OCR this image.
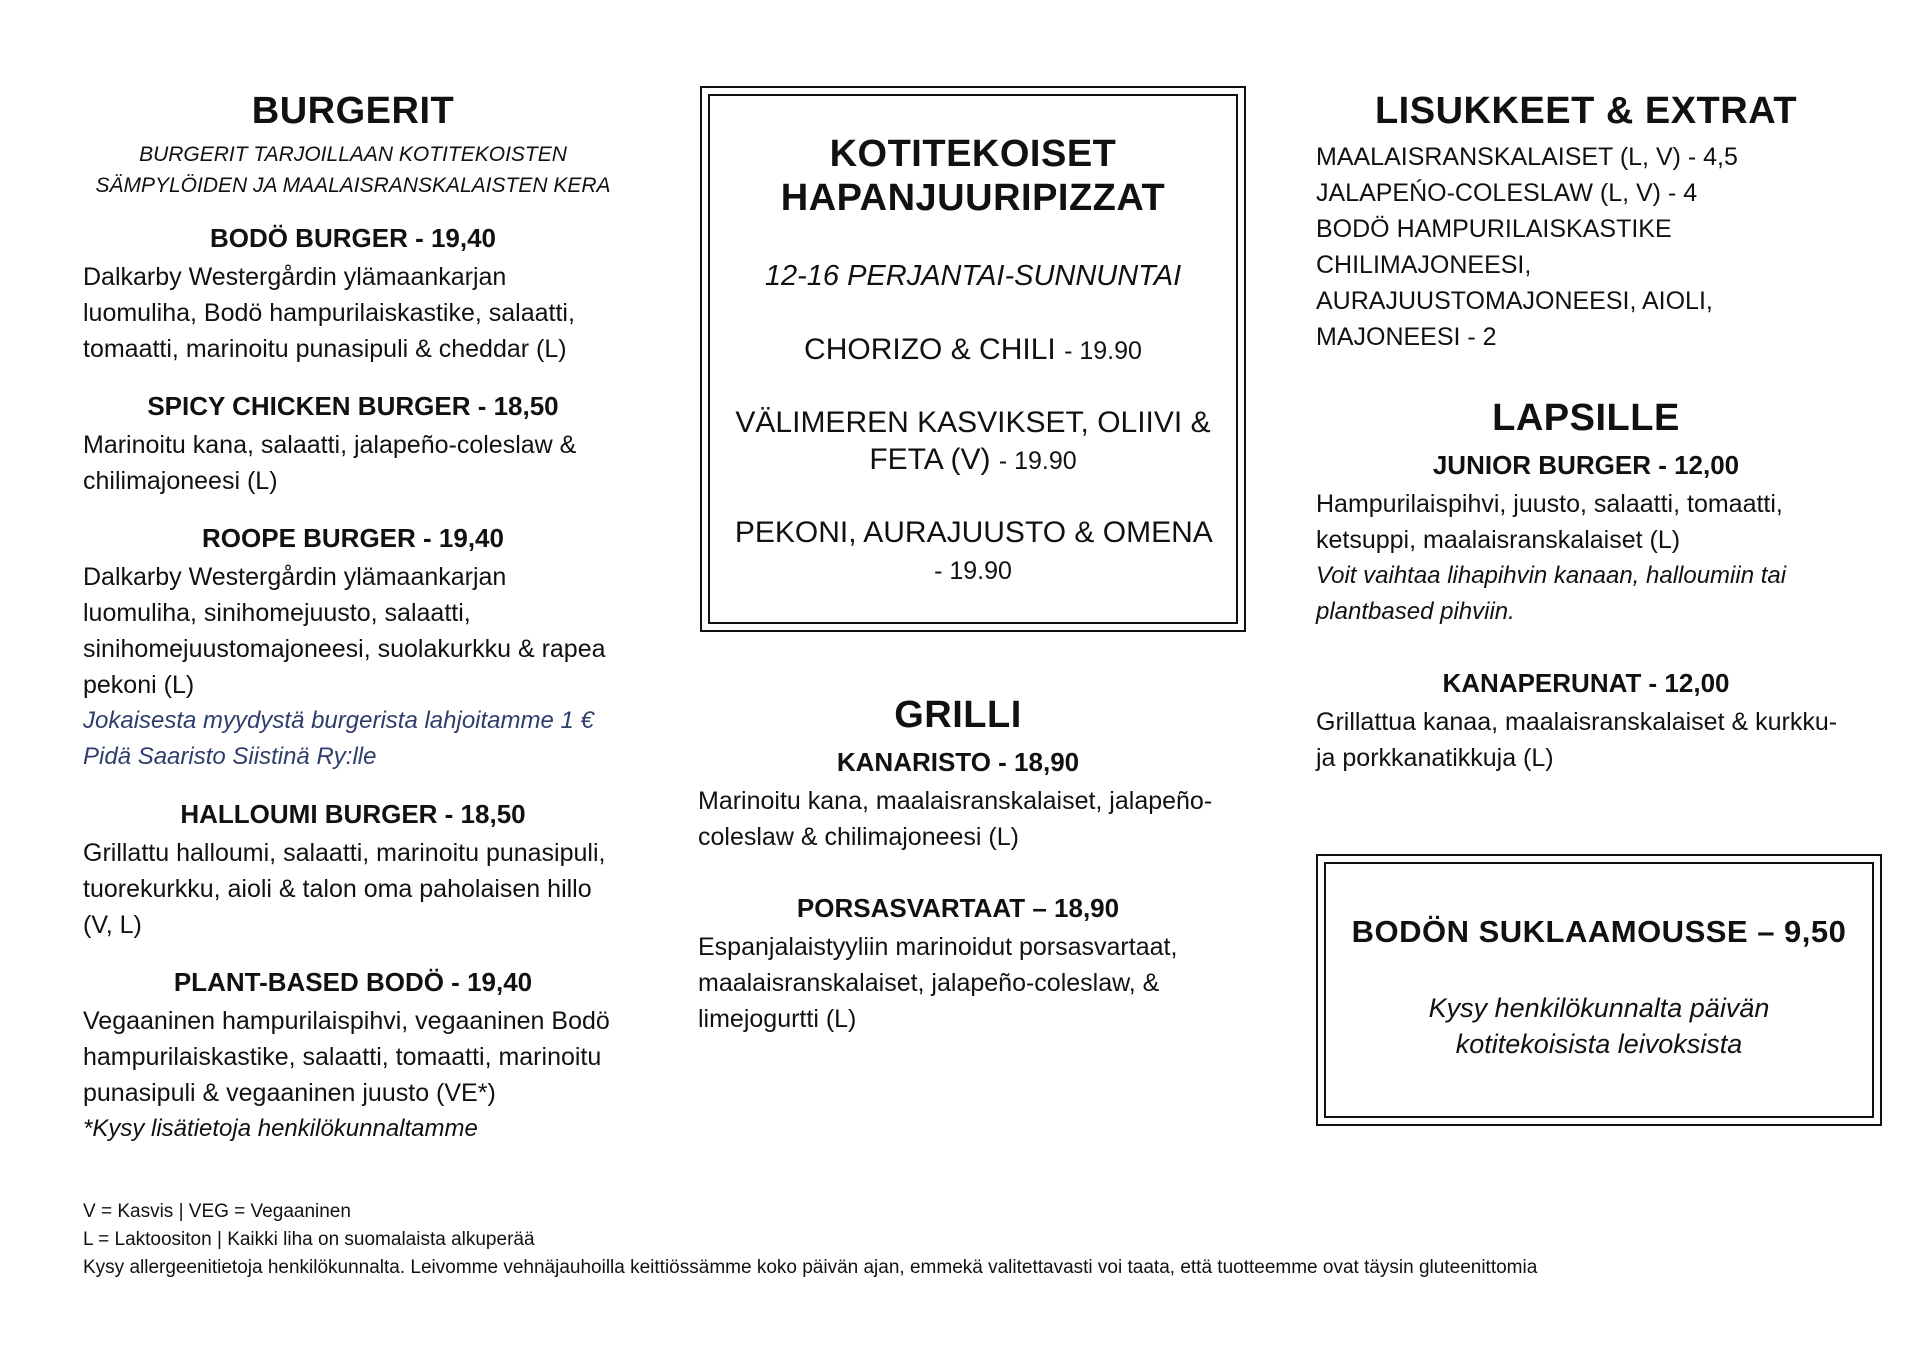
BURGERIT
BURGERIT TARJOILLAAN KOTITEKOISTEN
SÄMPYLÖIDEN JA MAALAISRANSKALAISTEN KERA
BODÖ BURGER - 19,40

Dalkarby Westergårdin ylämaankarjan luomuliha, Bodö hampurilaiskastike, salaatti, tomaatti, marinoitu punasipuli & cheddar (L)

SPICY CHICKEN BURGER - 18,50

Marinoitu kana, salaatti, jalapeño-coleslaw & chilimajoneesi (L)

ROOPE BURGER - 19,40

Dalkarby Westergårdin ylämaankarjan luomuliha, sinihomejuusto, salaatti, sinihomejuustomajoneesi, suolakurkku & rapea pekoni (L)

Jokaisesta myydystä burgerista lahjoitamme 1 € Pidä Saaristo Siistinä Ry:lle

HALLOUMI BURGER - 18,50

Grillattu halloumi, salaatti, marinoitu punasipuli, tuorekurkku, aioli & talon oma paholaisen hillo (V, L)

PLANT-BASED BODÖ - 19,40

Vegaaninen hampurilaispihvi, vegaaninen Bodö hampurilaiskastike, salaatti, tomaatti, marinoitu punasipuli & vegaaninen juusto (VE*)

*Kysy lisätietoja henkilökunnaltamme

KOTITEKOISET
HAPANJUURIPIZZAT
12-16 PERJANTAI-SUNNUNTAI
CHORIZO & CHILI - 19.90
VÄLIMEREN KASVIKSET, OLIIVI & FETA (V) - 19.90
PEKONI, AURAJUUSTO & OMENA - 19.90
GRILLI
KANARISTO - 18,90

Marinoitu kana, maalaisranskalaiset, jalapeño-coleslaw & chilimajoneesi (L)

PORSASVARTAAT – 18,90

Espanjalaistyyliin marinoidut porsasvartaat, maalaisranskalaiset, jalapeño-coleslaw, & limejogurtti (L)

LISUKKEET & EXTRAT

MAALAISRANSKALAISET (L, V) - 4,5

JALAPEŃO-COLESLAW (L, V) - 4

BODÖ HAMPURILAISKASTIKE

CHILIMAJONEESI,

AURAJUUSTOMAJONEESI, AIOLI,

MAJONEESI - 2

LAPSILLE
JUNIOR BURGER - 12,00

Hampurilaispihvi, juusto, salaatti, tomaatti, ketsuppi, maalaisranskalaiset (L)

Voit vaihtaa lihapihvin kanaan, halloumiin tai plantbased pihviin.

KANAPERUNAT - 12,00

Grillattua kanaa, maalaisranskalaiset & kurkku- ja porkkanatikkuja (L)

BODÖN SUKLAAMOUSSE – 9,50
Kysy henkilökunnalta päivän
kotitekoisista leivoksista

V = Kasvis | VEG = Vegaaninen

L = Laktoositon | Kaikki liha on suomalaista alkuperää

Kysy allergeenitietoja henkilökunnalta. Leivomme vehnäjauhoilla keittiössämme koko päivän ajan, emmekä valitettavasti voi taata, että tuotteemme ovat täysin gluteenittomia
